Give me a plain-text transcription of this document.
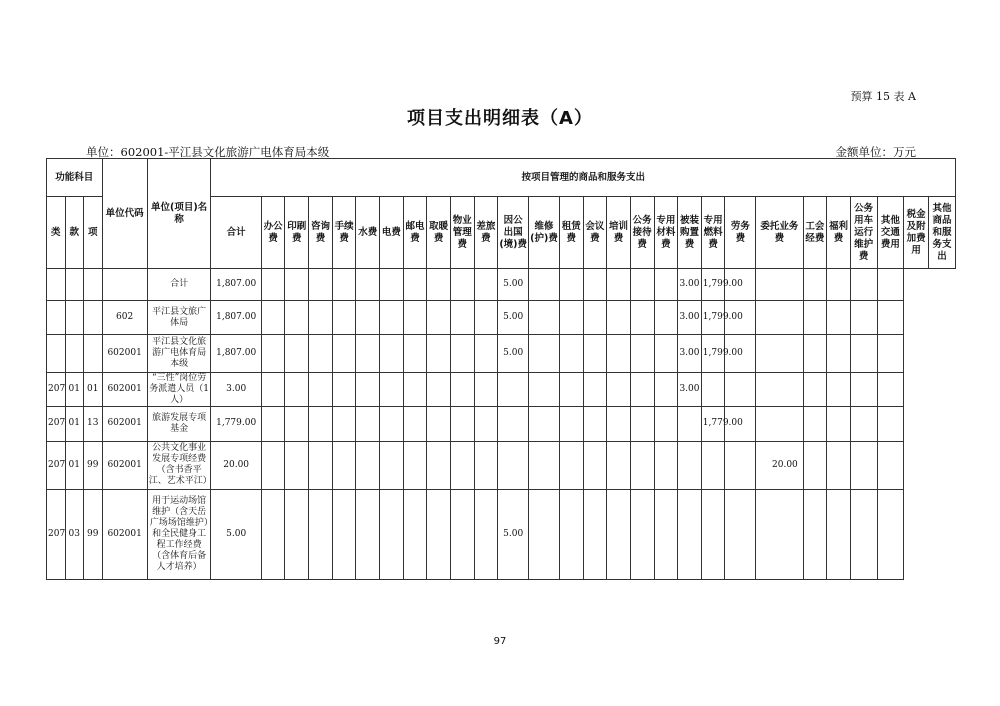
预算 15 表 A
项目支出明细表（A）
单位：602001-平江县文化旅游广电体育局本级	金额单位：万元
功能科目			单位代码	单位(项目)名称	按项目管理的商品和服务支出																											
类	款	项			合计	办公费	印刷费	咨询费	手续费	水费	电费	邮电费	取暖费	物业管理费	差旅费	因公出国(境)费	维修(护)费	租赁费	会议费	培训费	公务接待费	专用材料费	被装购置费	专用燃料费	劳务费	委托业务费	工会经费	福利费	公务用车运行维护费	其他交通费用	税金及附加费用	其他商品和服务支出
				合计	1,807.00											5.00							3.00	1,799.00								
			602	平江县文旅广体局	1,807.00											5.00							3.00	1,799.00								
			602001	平江县文化旅游广电体育局本级	1,807.00											5.00							3.00	1,799.00								
207	01	01	602001	“三性”岗位劳务派遣人员（1人）	3.00																		3.00									
207	01	13	602001	旅游发展专项基金	1,779.00																			1,779.00								
207	01	99	602001	公共文化事业发展专项经费（含书香平江、艺术平江）	20.00																					20.00						
207	03	99	602001	用于运动场馆维护（含天岳广场场馆维护）和全民健身工程工作经费（含体育后备人才培养）	5.00											5.00																
97
